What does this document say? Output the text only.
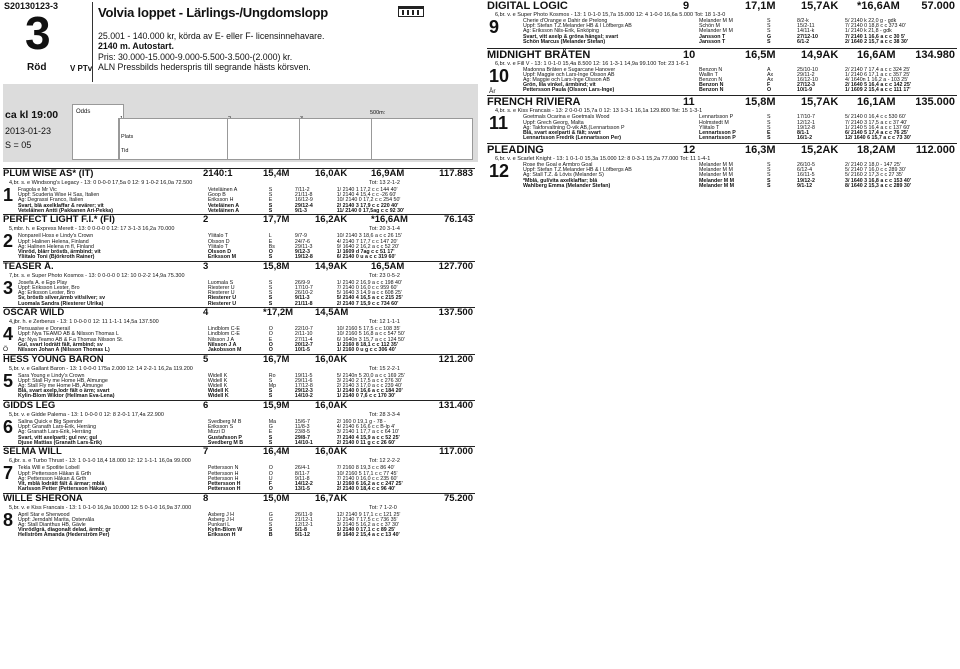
S20130123-3
3
Röd	V PTv
Volvia loppet - Lärlings-/Ungdomslopp
25.001 - 140.000 kr, körda av E- eller F- licensinnehavare.
2140 m. Autostart.
Pris: 30.000-15.000-9.000-5.500-3.500-(2.000) kr.
ALN Pressbilds hederspris till segrande hästs körsven.
ca kl 19:00
2013-01-23
S = 05
Odds	500m:
Plats
Tid
PLUM WISE AS* (IT)	2140:1	15,4M	16,0AK	16,9AM	117.883
4,br. s. e Windsong's Legacy - 13: 0 0-0-0 17,5a 0 12: 9 1-0-2 16,0a 72.500	Tot: 13 2-1-2
1 Fragola e Mr Vic	Veteläinen A	S	7/11-2	1/ 2140 1 17,2 c c 144 40'
Uppf: Scuderia Wise H Sas, Italien	Goop B	S	21/11-8	1/ 2140 4 15,4 c c -26 60'
Äg: Degrassi Franco, Italien	Eriksson H	E	16/12-9	10/ 2140 0 17,2 c c 254 50'
Svart, blå axelklaffar & revärer; vit	Veteläinen A	S	29/12-4	2/ 2140 3 17,9 c c 220 40'
Veteläinen Antti (Pakkanen Ari-Pekka)	Veteläinen A	S	9/1-3	11/ 2140 0 17,5ag c c 92 30'
PERFECT LIGHT F.I.* (FI)	2	17,7M	16,2AK	*16,6AM	76.143
5,mbr. h. e Express Merett - 13: 0 0-0-0 0 12: 17 3-1-3 16,2a 70.000	Tot: 20 3-1-4
2 Nonpareil Hoss e Lindy's Crown	Yliitalo T	L	9/7-9	10/ 2140 3 18,6 a c c 26 15'
Uppf: Halinen Helena, Finland	Olsson D	E	24/7-6	4/ 2140 7 17,7 c c 147 20'
Äg: Halinen Helena m fl, Finland	Yliitalo T	Bs	29/11-3	9/ 1640 2 16,2 a c c 52 20'
Vinröd, blårr bröstb, ärmbind; vit	Olsson D	Ö	9/12-3	1/ 1609 d 7ag c c 51 17'
Yliitalo Toni (Björkroth Rainer)	Eriksson M	S	19/12-8	6/ 2140 0 u a c c 319 60'
TEASER Å.	3	15,8M	14,9AK	16,5AM	127.700
7,br. s. e Super Photo Kosmos - 13: 0 0-0-0 0 12: 10 0-2-2 14,9a 75.300	Tot: 23 0-5-2
3 Josefa Å. e Ego Play	Luomala S	S	26/9-9	1/ 2140 2 16,9 a c c 198 40'
Uppf: Eriksson Lester, Bro	Riesterer U	S	17/10-7	7/ 2140 0 16,0 c c 959 60'
Äg: Eriksson Lester, Bro	Riesterer U	S	26/10-2	5/ 1640 3 14,9 a c c 608 25'
Sv, bröstb silver,ärmb vit/silver; sv	Riesterer U	S	9/11-3	5/ 2140 4 16,5 a c c 215 25'
Luomala Sandra (Riesterer Ulrika)	Riesterer U	S	21/11-8	2/ 2140 7 15,9 c c 734 60'
OSCAR WILD	4	*17,2M	14,5AM	137.500
4,jbr. h. e Zerberus - 13: 1 0-0-0 0 12: 11 1-1-1 14,5a 137.500	Tot: 12 1-1-1
4
Ö
Persuasive e Donerail	Lindblom C-E	Ö	22/10-7	10/ 2160 5 17,5 c c 108 35'
Uppf: Nya TEAMO AB & Nilsson Thomas L	Lindblom C-E	Ö	2/11-10	10/ 2160 5 16,8 a c c 547 50'
Äg: Nya Teamo AB & F.a Thomas Nilsson St.	Nilsson J A	E	27/11-4	6/ 1640n 3 15,7 a c c 124 50'
Gul, svart lodrätt fält, ärmbind; sv	Nilsson J A	Ö	20/12-7	1/ 2160 8 18,1 c c 112 35'
Nilsson Johan A (Nilsson Thomas L)	Jakobsson M	Ö	10/1-5	1/ 2160 0 u g c c 306 40'
HESS YOUNG BARON	5	16,7M	16,0AK	121.200
5,br. v. e Gallant Baron - 13: 1 0-0-0 175a 2.000 12: 14 2-2-1 16,2a 119.200	Tot: 15 2-2-1
5 Sara Young e Lindy's Crown	Widell K	Ro	19/11-5	5/ 2140n 5 20,0 a c c 169 25'
Uppf: Stall Fly me Home HB, Almunge	Widell K	S	29/11-6	3/ 2140 2 17,5 a c c 276 30'
Äg: Stall Fly me Home HB, Almunge	Widell K	Mp	17/12-8	2/ 2140 3 17,0 a c c 239 40'
Blå, svart axelp,lodr fält o ärm; svart	Widell K	S	29/12-3	1/ 2140 0 16,6 a c c 184 20'
Kylin-Blom Wiktor (Hellman Eva-Lena)	Widell K	S	14/10-2	1/ 2140 0 7,6 c c 170 30'
GIDDS LEG	6	15,9M	16,0AK	131.400
5,br. v. e Gidde Palema - 13: 1 0-0-0 0 12: 8 2-0-1 17,4a 22.900	Tot: 28 3-3-4
6 Salina Quick e Big Spender	Svedberg M B	Ma	15/6-7	2/ 160 0 19,1 g - 78 -
Uppf: Granath Lars-Erik, Herräng	Eriksson S	G	11/8-3	4/ 2140 6 16,6 c c B-lp 4'
Äg: Granath Lars-Erik, Herräng	Mizzi D	E	23/8-5	3/ 2140 1 17,7 a c c 64 10'
Svart, vitt axelparti; gul rev; gul	Gustafsson P	S	29/8-7	7/ 2140 4 15,9 a c c 52 25'
Djuse Mattias (Granath Lars-Erik)	Svedberg M B	S	14/10-1	2/ 2140 0 11 g c c 26 60'
SELMA WILL	7	16,4M	16,0AK	117.000
6,jbr. s. e Turbo Thrust - 13: 1 0-1-0 18,4 18.000 12: 12 1-1-1 16,0a 99.000	Tot: 12 2-2-2
7 Tekla Will e Spotlite Lobell	Pettersson N	Ö	26/4-1	7/ 2160 8 19,3 c c 86 40'
Uppf: Pettersson Håkan & Grth	Pettersson H	Ö	8/11-7	10/ 2160 5 17,1 c c 77 45'
Äg: Pettersson Håkan & Grth	Pettersson H	U	9/11-8	7/ 2140 0 16,0 c c 235 60'
Vit, mblå lodrätt fält & ärmar; mblå	Pettersson H	F	14/12-2	1/ 2160 6 16,2 a c c 247 25'
Karlsson Petter (Pettersson Håkan)	Pettersson H	Ö	13/1-5	2/ 2140 0 18,4 c c 96 40'
WILLE SHERONA	8	15,0M	16,7AK	75.200
5,br. v. e Kiss Francais - 13: 1 0-1-0 16,9a 10.000 12: 5 0-1-0 16,9a 37.000	Tot: 7 1-2-0
8 April Star e Sherwood	Åsberg J H	G	26/11-9	12/ 2140 9 17,1 c c 121 25'
Uppf: Jerndahl Marita, Östervåla	Åsberg J H	G	21/12-1	1/ 2140 7 17,5 c c 736 35'
Äg: Stall Dianthus HB, Gävle	Punkari L	S	12/12-1	3/ 2140 5 16,2 a c c 37 30'
Vinröd/grå, diagonalt delad, ärmb; gr	Kylin-Blom W	S	5/1-8	1/ 2140 0 17,1 c c 89 25'
Hellström Amanda (Hederström Per)	Eriksson H	B	5/1-12	9/ 1640 2 15,4 a c c 13 40'
DIGITAL LOGIC	9	17,1M	15,7AK	*16,6AM	57.000
6,br. v. e Super Photo Kosmos - 13: 1 0-1-0 15,7a 15.000 12: 4 1-0-0 16,6a 5.000 Tot: 18 1-3-0
9	Cherie d'Orange e Dahir de Prelong	Melander M M	S	8/2-k	5/ 2140 k 22,0 g - gdk
Uppf: Stefan T.Z.Melander HB & I Löfbergs AB	Schön M	S	15/2-11	7/ 2140 0 18,8 c c 373 40'
Äg: Eriksson Nils-Erik, Enköping	Melander M M	S	14/11-k	1/ 2140 k 21,8 - gdk
Svart, vitt axelp & gröna hängsl; svart	Jansson T	G	27/12-10	7/ 2140 1 16,6 a c c 30 5'
Schön Marcus (Melander Stefan)	Jansson T	S	6/1-2	2/ 1640 2 15,7 a c c 38 30'
MIDNIGHT BRÅTEN	10	16,5M	14,9AK	16,6AM	134.980
6,br. v. e Fill V - 13: 1 0-1-0 15,4a 8.500 12: 16 1-3-1 14,9a 99.100 Tot: 23 1-6-1
10
År
Madonna Bråten e Sugarcane Hanover	Benzon N	Å	25/10-10	2/ 2140 7 17,4 a c c 324 25'
Uppf: Maggie och Lars-Inge Olsson AB	Wallin T	Ax	29/11-2	1/ 2140 6 17,1 a c c 357 25'
Äg: Maggie och Lars-Inge Olsson AB	Benzon N	Ax	16/12-10	4/ 1640n 1 16,2 a - 103 25'
Grön, lila vinkel, ärmbind; vit	Benzon N	F	27/12-3	2/ 1640 5 16,4 a c c 142 25'
Pettersson Paula (Olsson Lars-Inge)	Benzon N	Ö	10/1-9	1/ 1609 2 15,4 a c c 111 17'
FRENCH RIVIERA	11	15,8M	15,7AK	16,1AM	135.000
4,br. s. e Kiss Francais - 13: 2 0-0-0 15,7a 0 12: 13 1-3-1 16,1a 129.800 Tot: 15 1-3-1
11	Goetmals Ocarina e Goetmals Wood	Lennartsson P	S	17/10-7	5/ 2140 0 16,4 c c 530 60'
Uppf: Grech Georg, Malta	Holmstedt M	S	12/12-1	7/ 2140 3 17,5 a c c 37 40'
Äg: Takforvaltning Ö-vik AB,(Lennartsson P	Yliitalo T	S	19/12-8	1/ 2140 5 16,4 a c c 137 60'
Blå, svart axelparti & fält; svart	Lennartsson P	E	8/1-1	6/ 2140 5 17,4 a c c 76 25'
Lennartsson Fredrik (Lennartsson Per)	Lennartsson P	S	16/1-2	12/ 1640 6 15,7 a c c 73 30'
PLEADING	12	16,3M	15,2AK	18,2AM	112.000
6,br. v. e Scarlet Knight - 13: 1 0-1-0 15,3a 15.000 12: 8 0-3-1 15,2a 77.000 Tot: 11 1-4-1
12	Rose the Goal e Armbro Goal	Melander M M	S	26/10-5	2/ 2140 2 18,0 - 147 25'
Uppf: Stefan T.Z.Melander HB & I Löfbergs AB	Melander M M	S	6/12-4	5/ 2140 7 16,0 c c 289 30'
Äg: Stall T.Z. & Lövis (Melander S)	Melander M M	S	16/11-5	5/ 2160 2 17,3 c c 27 35'
*Mblå, gul/vita axelklaffar; blå	Melander M M	S	19/12-2	3/ 1640 3 16,8 a c c 153 40'
Wahlberg Emma (Melander Stefan)	Melander M M	S	9/1-12	8/ 1640 2 15,3 a c c 289 30'
